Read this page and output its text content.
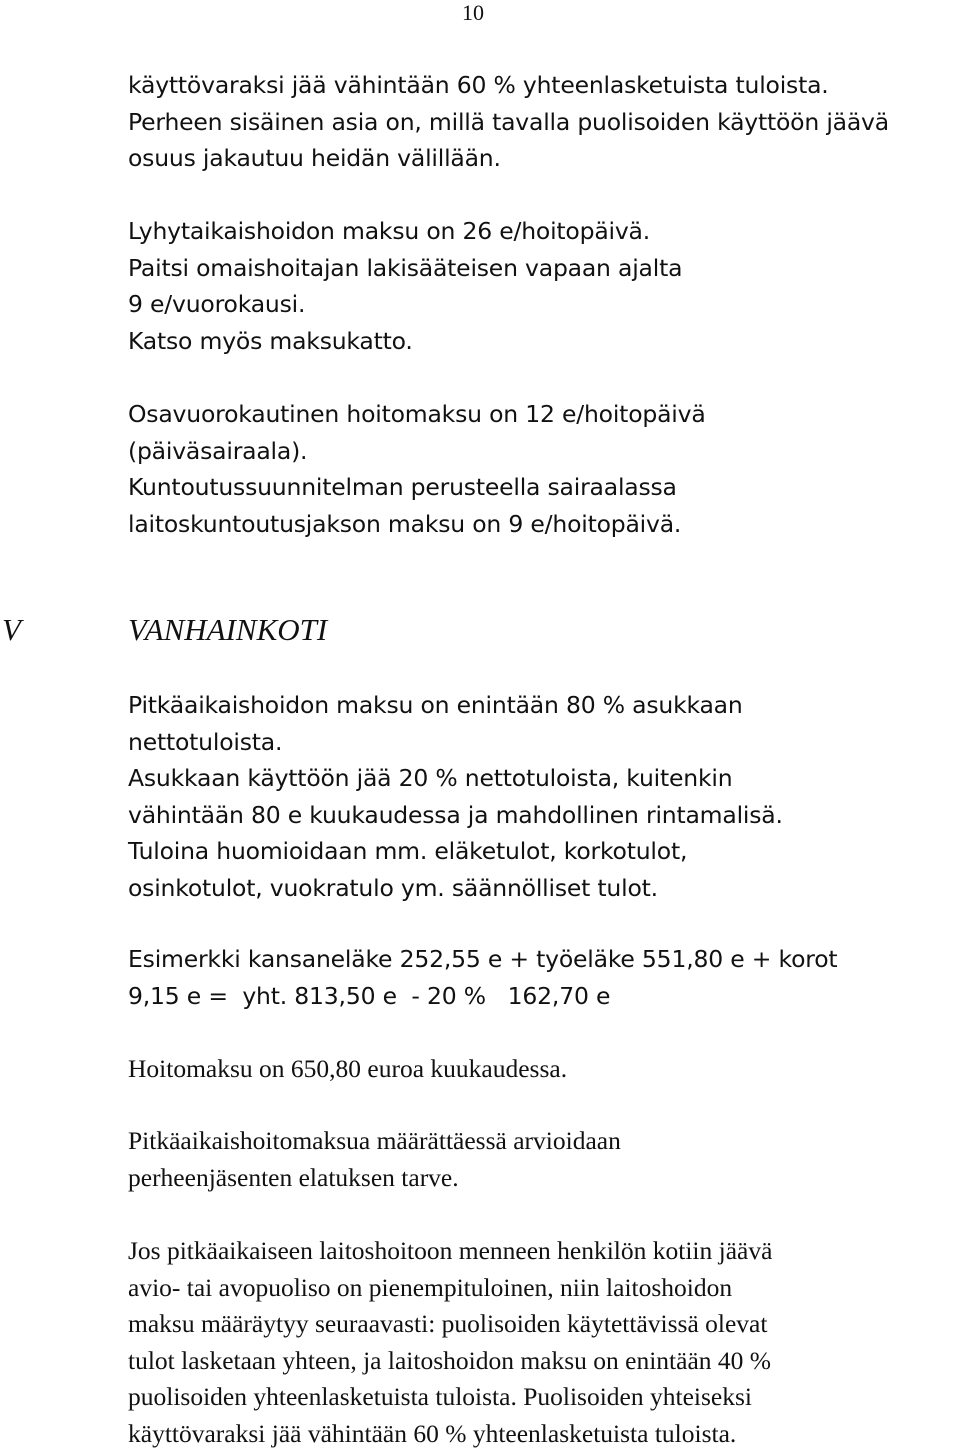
10
käyttövaraksi jää vähintään 60 % yhteenlasketuista tuloista.
Perheen sisäinen asia on, millä tavalla puolisoiden käyttöön jäävä
osuus jakautuu heidän välillään.
Lyhytaikaishoidon maksu on 26 e/hoitopäivä.
Paitsi omaishoitajan lakisääteisen vapaan ajalta
9 e/vuorokausi.
Katso myös maksukatto.
Osavuorokautinen hoitomaksu on 12 e/hoitopäivä
(päiväsairaala).
Kuntoutussuunnitelman perusteella sairaalassa
laitoskuntoutusjakson maksu on 9 e/hoitopäivä.
V	VANHAINKOTI
Pitkäaikaishoidon maksu on enintään 80 % asukkaan
nettotuloista.
Asukkaan käyttöön jää 20 % nettotuloista, kuitenkin
vähintään 80 e kuukaudessa ja mahdollinen rintamalisä.
Tuloina huomioidaan mm. eläketulot, korkotulot,
osinkotulot, vuokratulo ym. säännölliset tulot.
Esimerkki kansaneläke 252,55 e + työeläke 551,80 e + korot
9,15 e =  yht. 813,50 e  - 20 %   162,70 e
Hoitomaksu on 650,80 euroa kuukaudessa.
Pitkäaikaishoitomaksua määrättäessä arvioidaan
perheenjäsenten elatuksen tarve.
Jos pitkäaikaiseen laitoshoitoon menneen henkilön kotiin jäävä
avio- tai avopuoliso on pienempituloinen, niin laitoshoidon
maksu määräytyy seuraavasti: puolisoiden käytettävissä olevat
tulot lasketaan yhteen, ja laitoshoidon maksu on enintään 40 %
puolisoiden yhteenlasketuista tuloista. Puolisoiden yhteiseksi
käyttövaraksi jää vähintään 60 % yhteenlasketuista tuloista.
